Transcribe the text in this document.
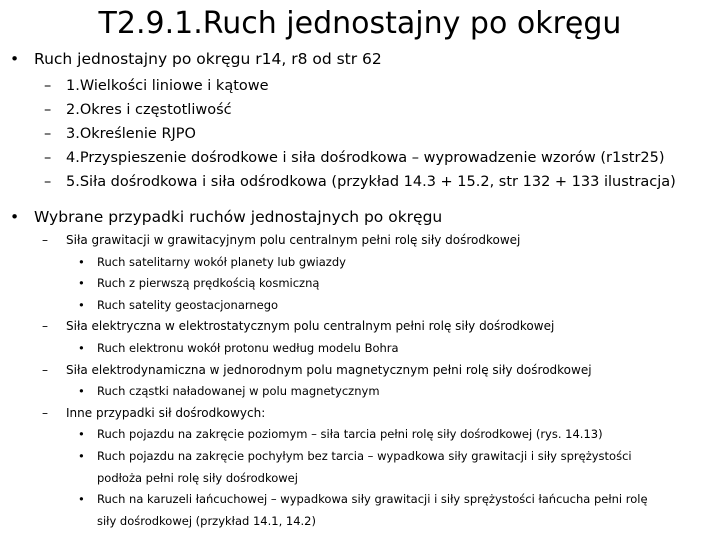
T2.9.1.Ruch jednostajny po okręgu
• Ruch jednostajny po okręgu r14, r8 od str 62
– 1.Wielkości liniowe i kątowe
– 2.Okres i częstotliwość
– 3.Określenie RJPO
– 4.Przyspieszenie dośrodkowe i siła dośrodkowa – wyprowadzenie wzorów (r1str25)
– 5.Siła dośrodkowa i siła odśrodkowa (przykład 14.3 + 15.2, str 132 + 133 ilustracja)
• Wybrane przypadki ruchów jednostajnych po okręgu
– Siła grawitacji w grawitacyjnym polu centralnym pełni rolę siły dośrodkowej
• Ruch satelitarny wokół planety lub gwiazdy
• Ruch z pierwszą prędkością kosmiczną
• Ruch satelity geostacjonarnego
– Siła elektryczna w elektrostatycznym polu centralnym pełni rolę siły dośrodkowej
• Ruch elektronu wokół protonu według modelu Bohra
– Siła elektrodynamiczna w jednorodnym polu magnetycznym pełni rolę siły dośrodkowej
• Ruch cząstki naładowanej w polu magnetycznym
– Inne przypadki sił dośrodkowych:
• Ruch pojazdu na zakręcie poziomym – siła tarcia pełni rolę siły dośrodkowej (rys. 14.13)
• Ruch pojazdu na zakręcie pochyłym bez tarcia – wypadkowa siły grawitacji i siły sprężystości
podłoża pełni rolę siły dośrodkowej
• Ruch na karuzeli łańcuchowej – wypadkowa siły grawitacji i siły sprężystości łańcucha pełni rolę
siły dośrodkowej (przykład 14.1, 14.2)
